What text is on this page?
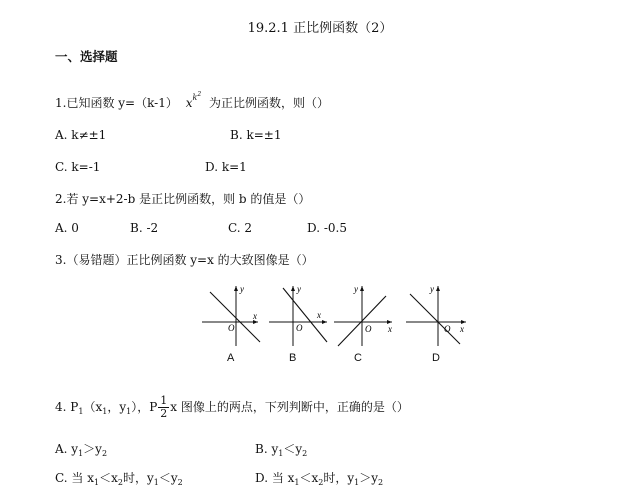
19.2.1 正比例函数（2）
一、选择题
1.已知函数 y=（k-1） $x^{k^2}$ 为正比例函数，则（）
A. k≠±1	B. k=±1
C. k=-1	D. k=1
2.若 y=x+2-b 是正比例函数，则 b 的值是（）
A. 0	B. -2	C. 2	D. -0.5
3.（易错题）正比例函数 y=x 的大致图像是（）
y
x
O
A
y
x
O
B
y
x
O
C
y
x
O
D
4. $P_1(x_1$，$y_1$），P $\frac{1}{2}$ x 图像上的两点，下列判断中，正确的是（）
A. $y_1>y_2$	B. $y_1<y_2$
C. 当 $x_1<x_2$时，$y_1<y_2$	D. 当 $x_1<x_2$时，$y_1>y_2$
